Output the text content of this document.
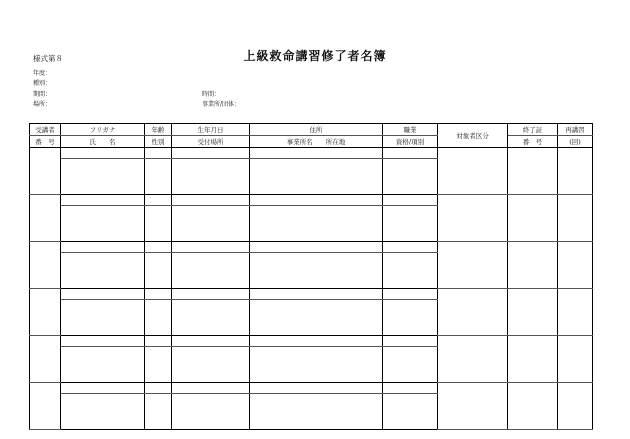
様式第８	上級救命講習修了者名簿
年度：
種別：
期間：
場所：
時間：
事業所/団体：
受講者	フリガナ	年齢	生年月日	住所	職業	対象者区分	終了証	再講習
番　号	氏　　名	性別	受付場所	事業所名　　所在地	資格/項別		番　号	(回)
